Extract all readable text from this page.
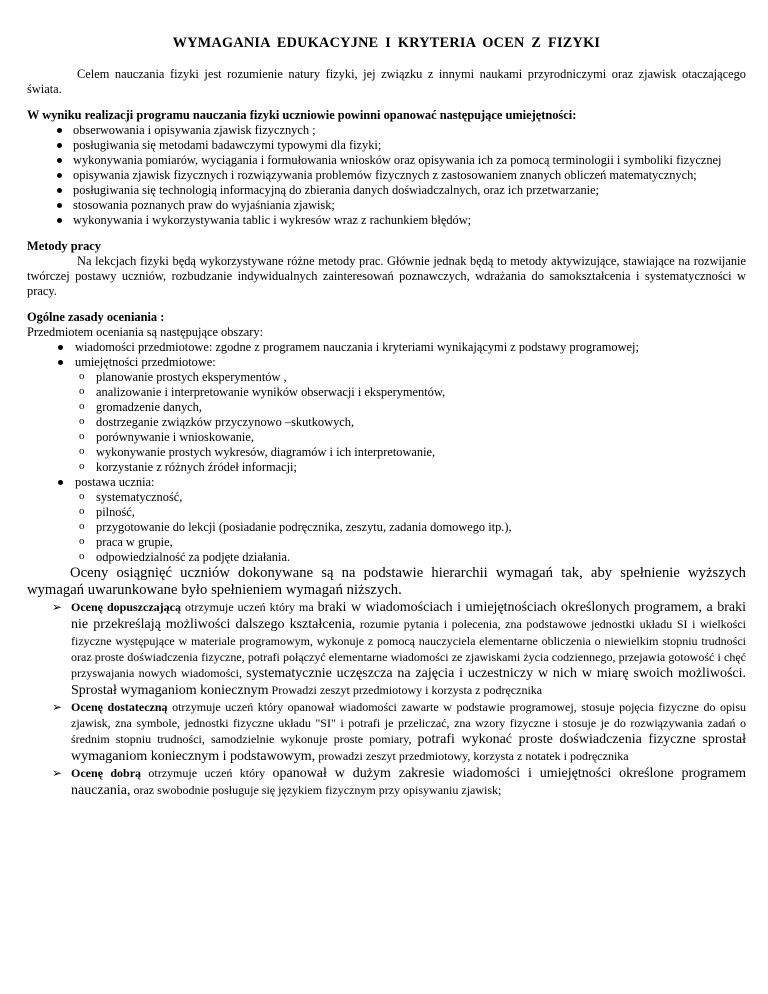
WYMAGANIA EDUKACYJNE I KRYTERIA OCEN Z FIZYKI

Celem nauczania fizyki jest rozumienie natury fizyki, jej związku z innymi naukami przyrodniczymi oraz zjawisk otaczającego świata.

W wyniku realizacji programu nauczania fizyki uczniowie powinni opanować następujące umiejętności:

obserwowania i opisywania zjawisk fizycznych ;
posługiwania się metodami badawczymi typowymi dla fizyki;
wykonywania pomiarów, wyciągania i formułowania wniosków oraz opisywania ich za pomocą terminologii i symboliki fizycznej
opisywania zjawisk fizycznych i rozwiązywania problemów fizycznych z zastosowaniem znanych obliczeń matematycznych;
posługiwania się technologią informacyjną do zbierania danych doświadczalnych, oraz ich przetwarzanie;
stosowania poznanych praw do wyjaśniania zjawisk;
wykonywania i wykorzystywania tablic i wykresów wraz z rachunkiem błędów;

Metody pracy

Na lekcjach fizyki będą wykorzystywane różne metody prac. Głównie jednak będą to metody aktywizujące, stawiające na rozwijanie twórczej postawy uczniów, rozbudzanie indywidualnych zainteresowań poznawczych, wdrażania do samokształcenia i systematyczności w pracy.

Ogólne zasady oceniania :

Przedmiotem oceniania są następujące obszary:

wiadomości przedmiotowe: zgodne z programem nauczania i kryteriami wynikającymi z podstawy programowej;
umiejętności przedmiotowe:
o planowanie prostych eksperymentów ,
o analizowanie i interpretowanie wyników obserwacji i eksperymentów,
o gromadzenie danych,
o dostrzeganie związków przyczynowo –skutkowych,
o porównywanie i wnioskowanie,
o wykonywanie prostych wykresów, diagramów i ich interpretowanie,
o korzystanie z różnych źródeł informacji;
postawa ucznia:
o systematyczność,
o pilność,
o przygotowanie do lekcji (posiadanie podręcznika, zeszytu, zadania domowego itp.),
o praca w grupie,
o odpowiedzialność za podjęte działania.

Oceny osiągnięć uczniów dokonywane są na podstawie hierarchii wymagań tak, aby spełnienie wyższych wymagań uwarunkowane było spełnieniem wymagań niższych.

➢ Ocenę dopuszczającą otrzymuje uczeń który ma braki w wiadomościach i umiejętnościach określonych programem, a braki nie przekreślają możliwości dalszego kształcenia, rozumie pytania i polecenia, zna podstawowe jednostki układu SI i wielkości fizyczne występujące w materiale programowym, wykonuje z pomocą nauczyciela elementarne obliczenia o niewielkim stopniu trudności oraz proste doświadczenia fizyczne, potrafi połączyć elementarne wiadomości ze zjawiskami życia codziennego, przejawia gotowość i chęć przyswajania nowych wiadomości, systematycznie uczęszcza na zajęcia i uczestniczy w nich w miarę swoich możliwości. Sprostał wymaganiom koniecznym Prowadzi zeszyt przedmiotowy i korzysta z podręcznika
➢ Ocenę dostateczną otrzymuje uczeń który opanował wiadomości zawarte w podstawie programowej, stosuje pojęcia fizyczne do opisu zjawisk, zna symbole, jednostki fizyczne układu "SI" i potrafi je przeliczać, zna wzory fizyczne i stosuje je do rozwiązywania zadań o średnim stopniu trudności, samodzielnie wykonuje proste pomiary, potrafi wykonać proste doświadczenia fizyczne sprostał wymaganiom koniecznym i podstawowym, prowadzi zeszyt przedmiotowy, korzysta z notatek i podręcznika
➢ Ocenę dobrą otrzymuje uczeń który opanował w dużym zakresie wiadomości i umiejętności określone programem nauczania, oraz swobodnie posługuje się językiem fizycznym przy opisywaniu zjawisk;
